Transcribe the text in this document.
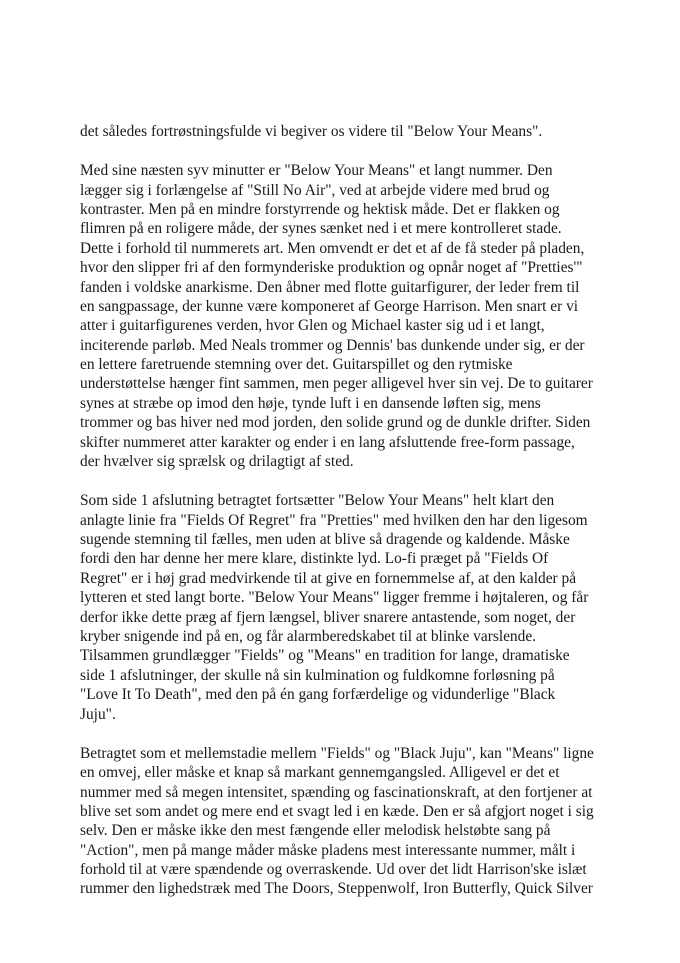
det således fortrøstningsfulde vi begiver os videre til "Below Your Means".
Med sine næsten syv minutter er "Below Your Means" et langt nummer. Den
lægger sig i forlængelse af "Still No Air", ved at arbejde videre med brud og
kontraster. Men på en mindre forstyrrende og hektisk måde. Det er flakken og
flimren på en roligere måde, der synes sænket ned i et mere kontrolleret stade.
Dette i forhold til nummerets art. Men omvendt er det et af de få steder på pladen,
hvor den slipper fri af den formynderiske produktion og opnår noget af "Pretties'"
fanden i voldske anarkisme. Den åbner med flotte guitarfigurer, der leder frem til
en sangpassage, der kunne være komponeret af George Harrison. Men snart er vi
atter i guitarfigurenes verden, hvor Glen og Michael kaster sig ud i et langt,
inciterende parløb. Med Neals trommer og Dennis' bas dunkende under sig, er der
en lettere faretruende stemning over det. Guitarspillet og den rytmiske
understøttelse hænger fint sammen, men peger alligevel hver sin vej. De to guitarer
synes at stræbe op imod den høje, tynde luft i en dansende løften sig, mens
trommer og bas hiver ned mod jorden, den solide grund og de dunkle drifter. Siden
skifter nummeret atter karakter og ender i en lang afsluttende free-form passage,
der hvælver sig sprælsk og drilagtigt af sted.
Som side 1 afslutning betragtet fortsætter "Below Your Means" helt klart den
anlagte linie fra "Fields Of Regret" fra "Pretties" med hvilken den har den ligesom
sugende stemning til fælles, men uden at blive så dragende og kaldende. Måske
fordi den har denne her mere klare, distinkte lyd. Lo-fi præget på "Fields Of
Regret" er i høj grad medvirkende til at give en fornemmelse af, at den kalder på
lytteren et sted langt borte. "Below Your Means" ligger fremme i højtaleren, og får
derfor ikke dette præg af fjern længsel, bliver snarere antastende, som noget, der
kryber snigende ind på en, og får alarmberedskabet til at blinke varslende.
Tilsammen grundlægger "Fields" og "Means" en tradition for lange, dramatiske
side 1 afslutninger, der skulle nå sin kulmination og fuldkomne forløsning på
"Love It To Death", med den på én gang forfærdelige og vidunderlige "Black
Juju".
Betragtet som et mellemstadie mellem "Fields" og "Black Juju", kan "Means" ligne
en omvej, eller måske et knap så markant gennemgangsled. Alligevel er det et
nummer med så megen intensitet, spænding og fascinationskraft, at den fortjener at
blive set som andet og mere end et svagt led i en kæde. Den er så afgjort noget i sig
selv. Den er måske ikke den mest fængende eller melodisk helstøbte sang på
"Action", men på mange måder måske pladens mest interessante nummer, målt i
forhold til at være spændende og overraskende. Ud over det lidt Harrison'ske islæt
rummer den lighedstræk med The Doors, Steppenwolf, Iron Butterfly, Quick Silver
